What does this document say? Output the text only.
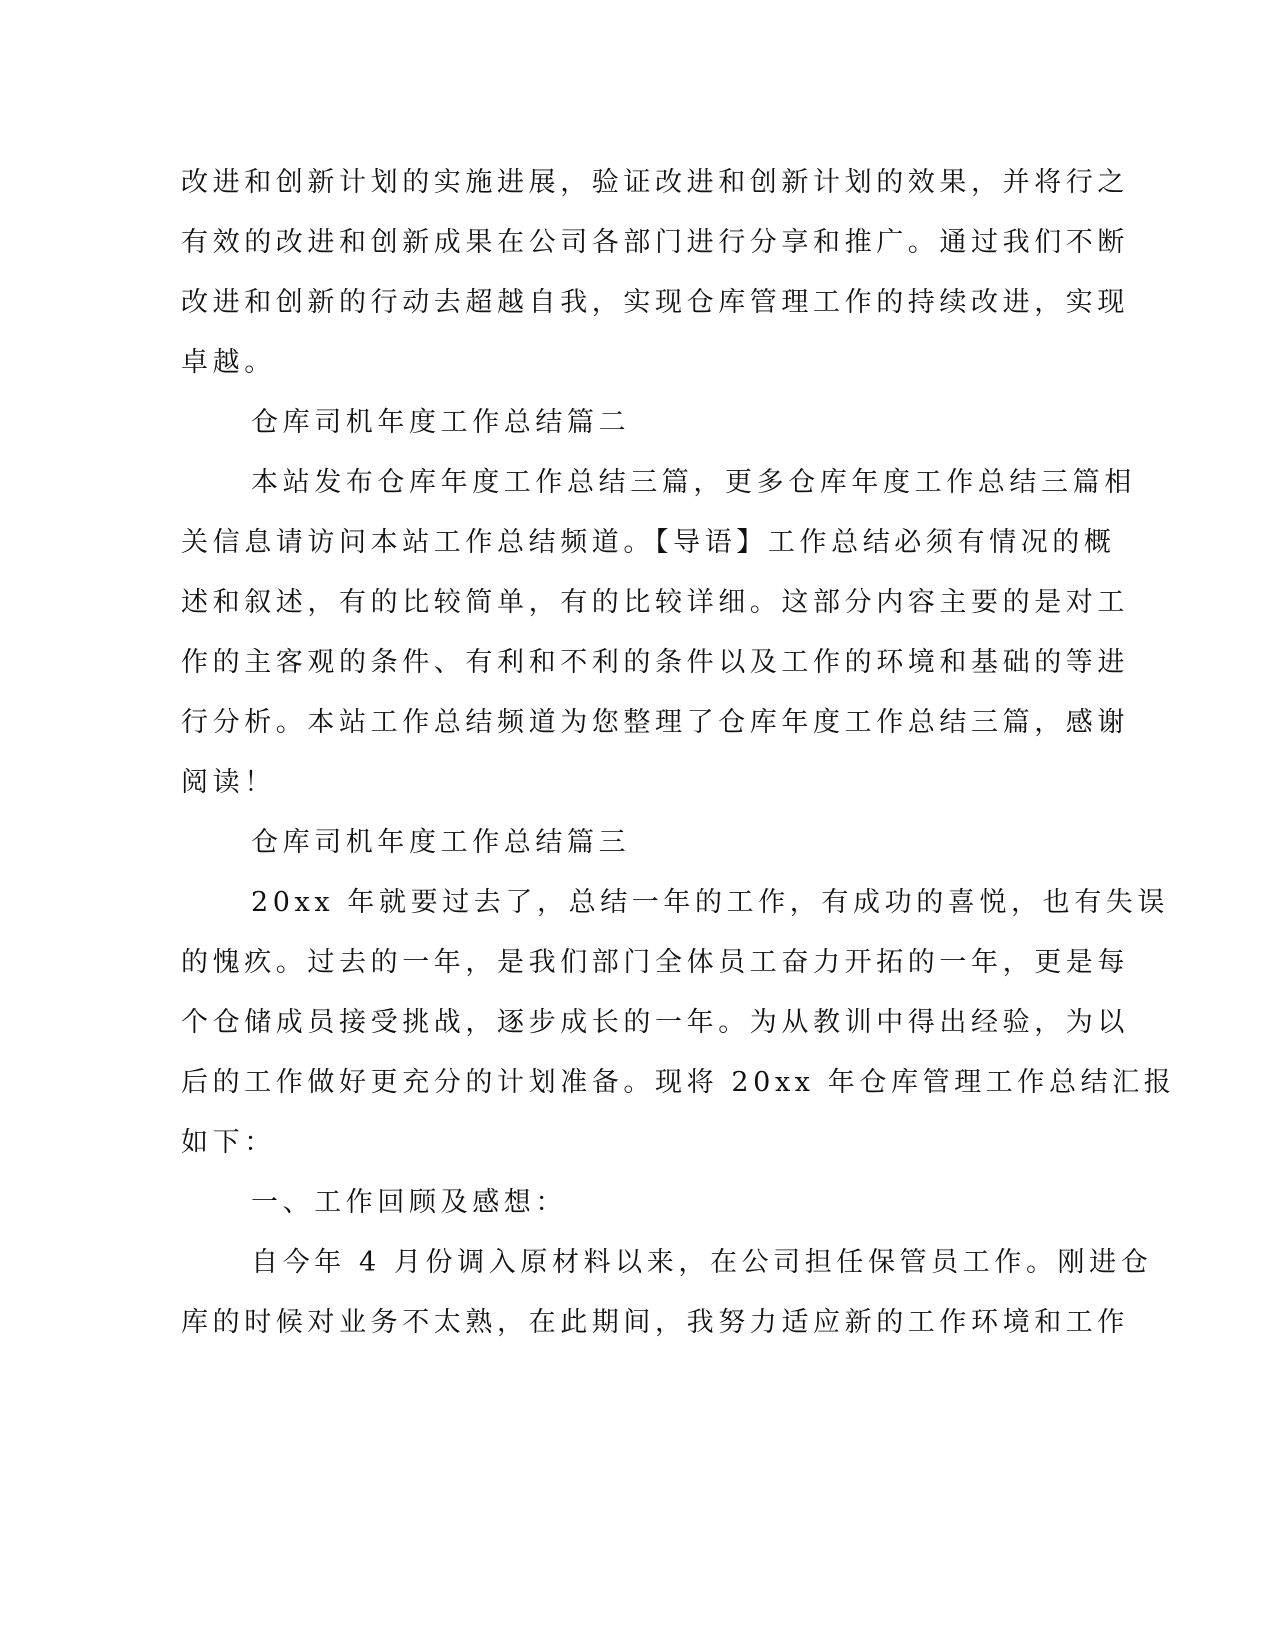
改进和创新计划的实施进展，验证改进和创新计划的效果，并将行之
有效的改进和创新成果在公司各部门进行分享和推广。通过我们不断
改进和创新的行动去超越自我，实现仓库管理工作的持续改进，实现
卓越。
仓库司机年度工作总结篇二
本站发布仓库年度工作总结三篇，更多仓库年度工作总结三篇相
关信息请访问本站工作总结频道。【导语】工作总结必须有情况的概
述和叙述，有的比较简单，有的比较详细。这部分内容主要的是对工
作的主客观的条件、有利和不利的条件以及工作的环境和基础的等进
行分析。本站工作总结频道为您整理了仓库年度工作总结三篇，感谢
阅读！
仓库司机年度工作总结篇三
20xx 年就要过去了，总结一年的工作，有成功的喜悦，也有失误
的愧疚。过去的一年，是我们部门全体员工奋力开拓的一年，更是每
个仓储成员接受挑战，逐步成长的一年。为从教训中得出经验，为以
后的工作做好更充分的计划准备。现将 20xx 年仓库管理工作总结汇报
如下：
一、工作回顾及感想：
自今年 4 月份调入原材料以来，在公司担任保管员工作。刚进仓
库的时候对业务不太熟，在此期间，我努力适应新的工作环境和工作
